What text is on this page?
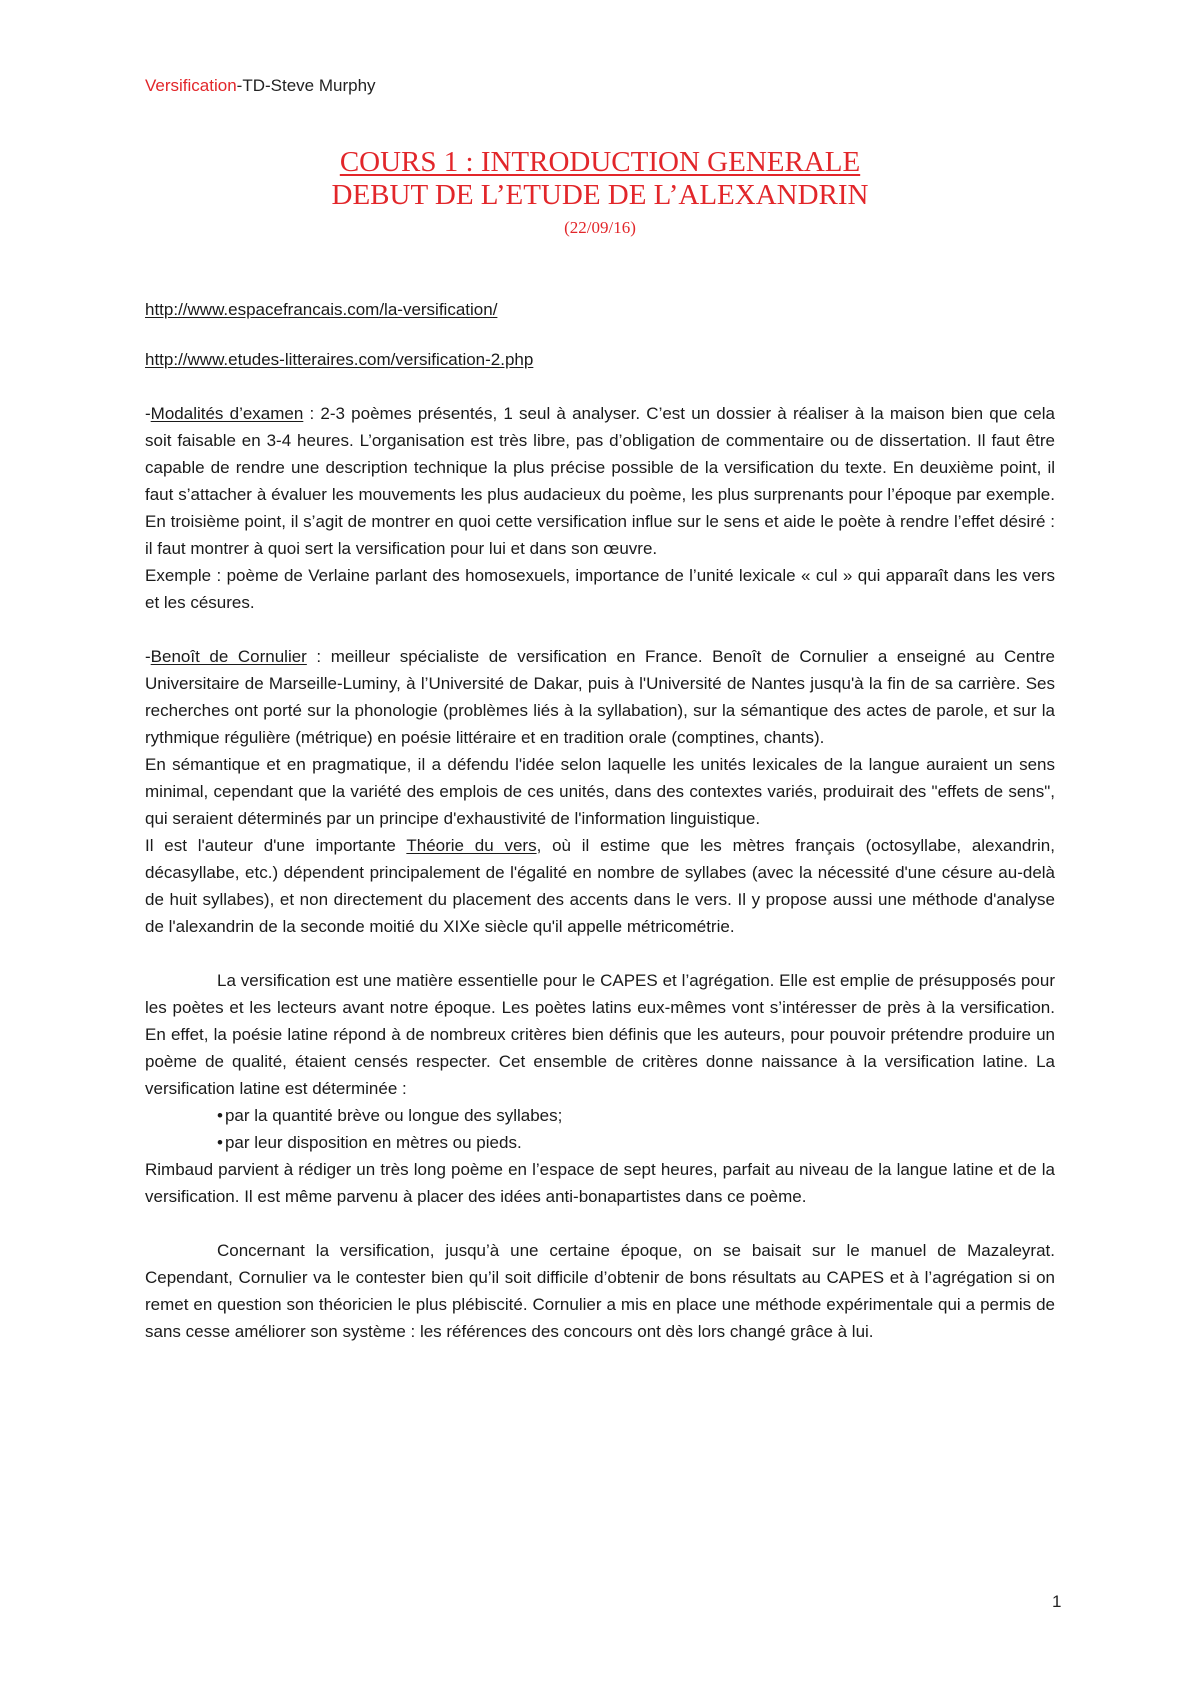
Versification-TD-Steve Murphy
COURS 1 : INTRODUCTION GENERALE
DEBUT DE L’ETUDE DE L’ALEXANDRIN
(22/09/16)
http://www.espacefrancais.com/la-versification/
http://www.etudes-litteraires.com/versification-2.php

-Modalités d’examen : 2-3 poèmes présentés, 1 seul à analyser. C’est un dossier à réaliser à la maison bien que cela soit faisable en 3-4 heures. L’organisation est très libre, pas d’obligation de commentaire ou de dissertation. Il faut être capable de rendre une description technique la plus précise possible de la versification du texte. En deuxième point, il faut s’attacher à évaluer les mouvements les plus audacieux du poème, les plus surprenants pour l’époque par exemple. En troisième point, il s’agit de montrer en quoi cette versification influe sur le sens et aide le poète à rendre l’effet désiré : il faut montrer à quoi sert la versification pour lui et dans son œuvre.

Exemple : poème de Verlaine parlant des homosexuels, importance de l’unité lexicale « cul » qui apparaît dans les vers et les césures.

-Benoît de Cornulier : meilleur spécialiste de versification en France. Benoît de Cornulier a enseigné au Centre Universitaire de Marseille-Luminy, à l’Université de Dakar, puis à l'Université de Nantes jusqu'à la fin de sa carrière. Ses recherches ont porté sur la phonologie (problèmes liés à la syllabation), sur la sémantique des actes de parole, et sur la rythmique régulière (métrique) en poésie littéraire et en tradition orale (comptines, chants).

En sémantique et en pragmatique, il a défendu l'idée selon laquelle les unités lexicales de la langue auraient un sens minimal, cependant que la variété des emplois de ces unités, dans des contextes variés, produirait des "effets de sens", qui seraient déterminés par un principe d'exhaustivité de l'information linguistique.

Il est l'auteur d'une importante Théorie du vers, où il estime que les mètres français (octosyllabe, alexandrin, décasyllabe, etc.) dépendent principalement de l'égalité en nombre de syllabes (avec la nécessité d'une césure au-delà de huit syllabes), et non directement du placement des accents dans le vers. Il y propose aussi une méthode d'analyse de l'alexandrin de la seconde moitié du XIXe siècle qu'il appelle métricométrie.

La versification est une matière essentielle pour le CAPES et l’agrégation. Elle est emplie de présupposés pour les poètes et les lecteurs avant notre époque. Les poètes latins eux-mêmes vont s’intéresser de près à la versification. En effet, la poésie latine répond à de nombreux critères bien définis que les auteurs, pour pouvoir prétendre produire un poème de qualité, étaient censés respecter. Cet ensemble de critères donne naissance à la versification latine. La versification latine est déterminée :

• par la quantité brève ou longue des syllabes;
• par leur disposition en mètres ou pieds.

Rimbaud parvient à rédiger un très long poème en l’espace de sept heures, parfait au niveau de la langue latine et de la versification. Il est même parvenu à placer des idées anti-bonapartistes dans ce poème.

Concernant la versification, jusqu’à une certaine époque, on se baisait sur le manuel de Mazaleyrat. Cependant, Cornulier va le contester bien qu’il soit difficile d’obtenir de bons résultats au CAPES et à l’agrégation si on remet en question son théoricien le plus plébiscité. Cornulier a mis en place une méthode expérimentale qui a permis de sans cesse améliorer son système : les références des concours ont dès lors changé grâce à lui.

1
